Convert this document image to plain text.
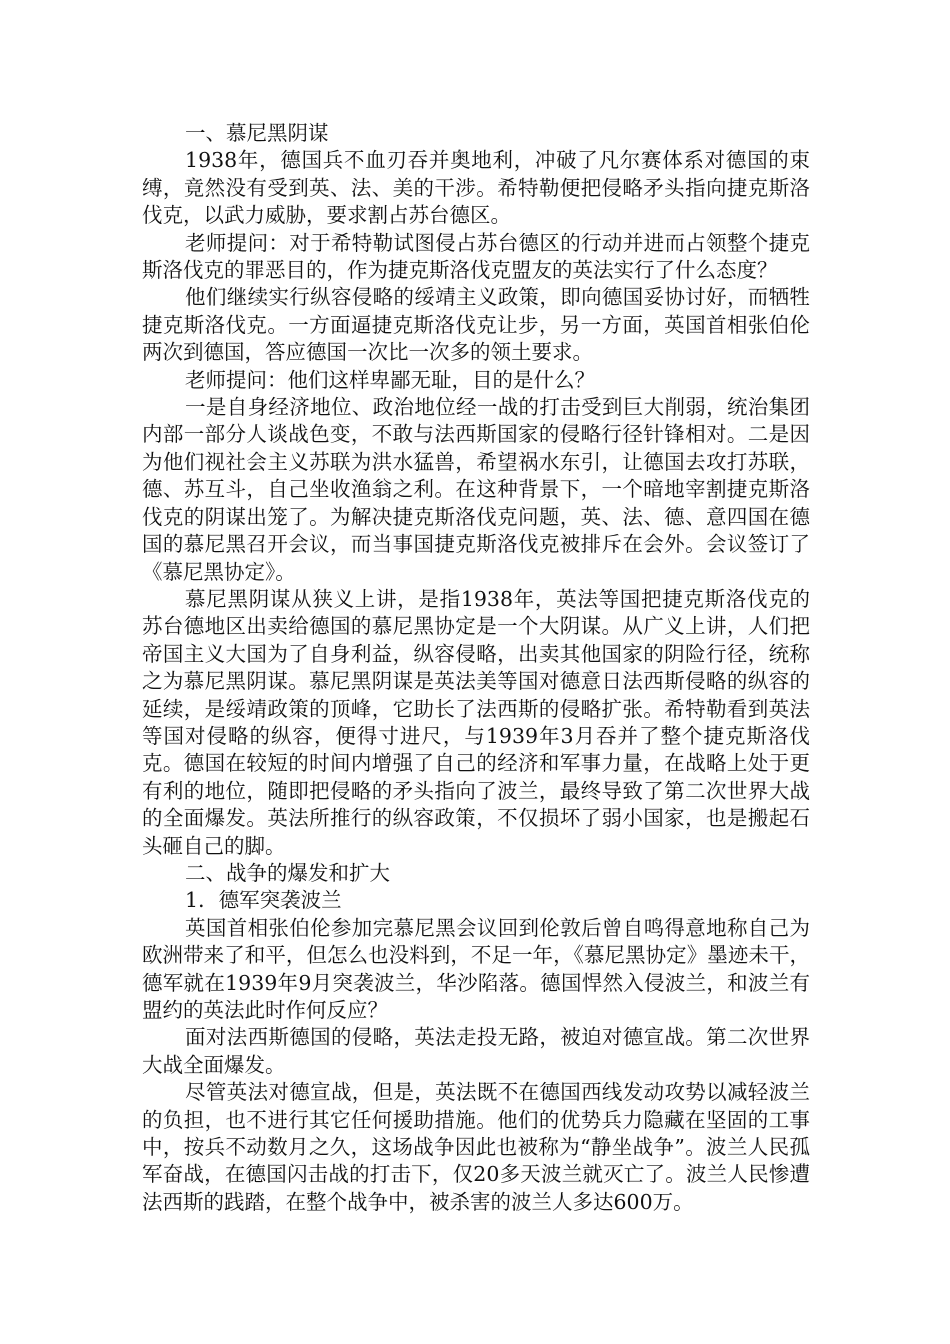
一、慕尼黑阴谋

1938年，德国兵不血刃吞并奥地利，冲破了凡尔赛体系对德国的束缚，竟然没有受到英、法、美的干涉。希特勒便把侵略矛头指向捷克斯洛伐克，以武力威胁，要求割占苏台德区。

老师提问：对于希特勒试图侵占苏台德区的行动并进而占领整个捷克斯洛伐克的罪恶目的，作为捷克斯洛伐克盟友的英法实行了什么态度？

他们继续实行纵容侵略的绥靖主义政策，即向德国妥协讨好，而牺牲捷克斯洛伐克。一方面逼捷克斯洛伐克让步，另一方面，英国首相张伯伦两次到德国，答应德国一次比一次多的领土要求。

老师提问：他们这样卑鄙无耻，目的是什么？

一是自身经济地位、政治地位经一战的打击受到巨大削弱，统治集团内部一部分人谈战色变，不敢与法西斯国家的侵略行径针锋相对。二是因为他们视社会主义苏联为洪水猛兽，希望祸水东引，让德国去攻打苏联，德、苏互斗，自己坐收渔翁之利。在这种背景下，一个暗地宰割捷克斯洛伐克的阴谋出笼了。为解决捷克斯洛伐克问题，英、法、德、意四国在德国的慕尼黑召开会议，而当事国捷克斯洛伐克被排斥在会外。会议签订了《慕尼黑协定》。

慕尼黑阴谋从狭义上讲，是指1938年，英法等国把捷克斯洛伐克的苏台德地区出卖给德国的慕尼黑协定是一个大阴谋。从广义上讲，人们把帝国主义大国为了自身利益，纵容侵略，出卖其他国家的阴险行径，统称之为慕尼黑阴谋。慕尼黑阴谋是英法美等国对德意日法西斯侵略的纵容的延续，是绥靖政策的顶峰，它助长了法西斯的侵略扩张。希特勒看到英法等国对侵略的纵容，便得寸进尺，与1939年3月吞并了整个捷克斯洛伐克。德国在较短的时间内增强了自己的经济和军事力量，在战略上处于更有利的地位，随即把侵略的矛头指向了波兰，最终导致了第二次世界大战的全面爆发。英法所推行的纵容政策，不仅损坏了弱小国家，也是搬起石头砸自己的脚。

二、战争的爆发和扩大

1．德军突袭波兰

英国首相张伯伦参加完慕尼黑会议回到伦敦后曾自鸣得意地称自己为欧洲带来了和平，但怎么也没料到，不足一年，《慕尼黑协定》墨迹未干，德军就在1939年9月突袭波兰，华沙陷落。德国悍然入侵波兰，和波兰有盟约的英法此时作何反应？

面对法西斯德国的侵略，英法走投无路，被迫对德宣战。第二次世界大战全面爆发。

尽管英法对德宣战，但是，英法既不在德国西线发动攻势以减轻波兰的负担，也不进行其它任何援助措施。他们的优势兵力隐藏在坚固的工事中，按兵不动数月之久，这场战争因此也被称为“静坐战争”。波兰人民孤军奋战，在德国闪击战的打击下，仅20多天波兰就灭亡了。波兰人民惨遭法西斯的践踏，在整个战争中，被杀害的波兰人多达600万。
